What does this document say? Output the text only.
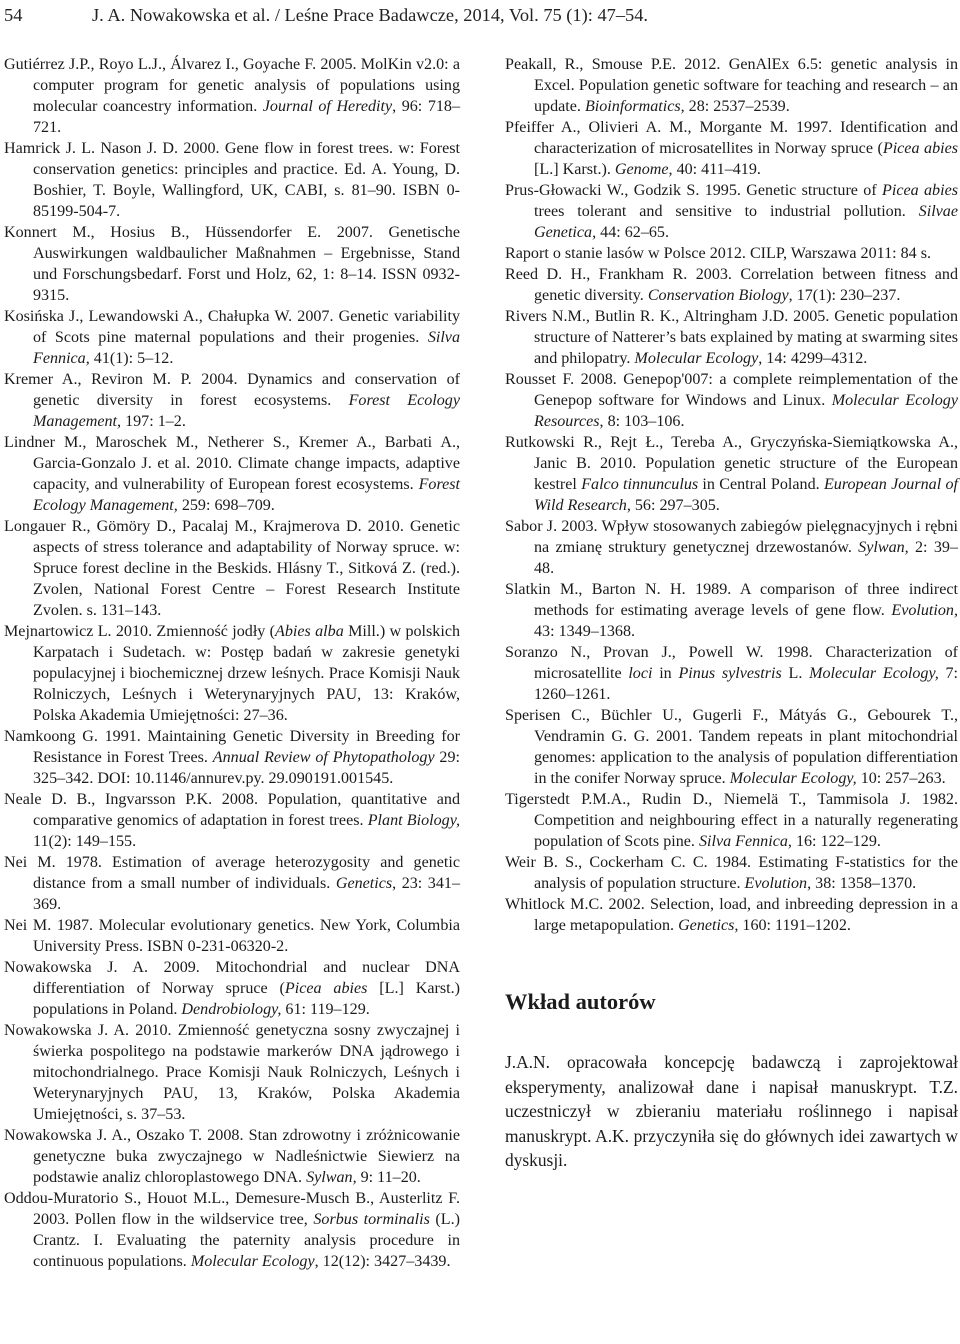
54	J. A. Nowakowska et al. / Leśne Prace Badawcze, 2014, Vol. 75 (1): 47–54.

Gutiérrez J.P., Royo L.J., Álvarez I., Goyache F. 2005. MolKin v2.0: a computer program for genetic analysis of populations using molecular coancestry information. Journal of Heredity, 96: 718–721.

Hamrick J. L. Nason J. D. 2000. Gene flow in forest trees. w: Forest conservation genetics: principles and practice. Ed. A. Young, D. Boshier, T. Boyle, Wallingford, UK, CABI, s. 81–90. ISBN 0-85199-504-7.

Konnert M., Hosius B., Hüssendorfer E. 2007. Genetische Auswirkungen waldbaulicher Maßnahmen – Ergebnisse, Stand und Forschungsbedarf. Forst und Holz, 62, 1: 8–14. ISSN 0932-9315.

Kosińska J., Lewandowski A., Chałupka W. 2007. Genetic variability of Scots pine maternal populations and their progenies. Silva Fennica, 41(1): 5–12.

Kremer A., Reviron M. P. 2004. Dynamics and conservation of genetic diversity in forest ecosystems. Forest Ecology Management, 197: 1–2.

Lindner M., Maroschek M., Netherer S., Kremer A., Barbati A., Garcia-Gonzalo J. et al. 2010. Climate change impacts, adaptive capacity, and vulnerability of European forest ecosystems. Forest Ecology Management, 259: 698–709.

Longauer R., Gömöry D., Pacalaj M., Krajmerova D. 2010. Genetic aspects of stress tolerance and adaptability of Norway spruce. w: Spruce forest decline in the Beskids. Hlásny T., Sitková Z. (red.). Zvolen, National Forest Centre – Forest Research Institute Zvolen. s. 131–143.

Mejnartowicz L. 2010. Zmienność jodły (Abies alba Mill.) w polskich Karpatach i Sudetach. w: Postęp badań w zakresie genetyki populacyjnej i biochemicznej drzew leśnych. Prace Komisji Nauk Rolniczych, Leśnych i Weterynaryjnych PAU, 13: Kraków, Polska Akademia Umiejętności: 27–36.

Namkoong G. 1991. Maintaining Genetic Diversity in Breeding for Resistance in Forest Trees. Annual Review of Phytopathology 29: 325–342. DOI: 10.1146/annurev.py. 29.090191.001545.

Neale D. B., Ingvarsson P.K. 2008. Population, quantitative and comparative genomics of adaptation in forest trees. Plant Biology, 11(2): 149–155.

Nei M. 1978. Estimation of average heterozygosity and genetic distance from a small number of individuals. Genetics, 23: 341–369.

Nei M. 1987. Molecular evolutionary genetics. New York, Columbia University Press. ISBN 0-231-06320-2.

Nowakowska J. A. 2009. Mitochondrial and nuclear DNA differentiation of Norway spruce (Picea abies [L.] Karst.) populations in Poland. Dendrobiology, 61: 119–129.

Nowakowska J. A. 2010. Zmienność genetyczna sosny zwyczajnej i świerka pospolitego na podstawie markerów DNA jądrowego i mitochondrialnego. Prace Komisji Nauk Rolniczych, Leśnych i Weterynaryjnych PAU, 13, Kraków, Polska Akademia Umiejętności, s. 37–53.

Nowakowska J. A., Oszako T. 2008. Stan zdrowotny i zróżnicowanie genetyczne buka zwyczajnego w Nadleśnictwie Siewierz na podstawie analiz chloroplastowego DNA. Sylwan, 9: 11–20.

Oddou-Muratorio S., Houot M.L., Demesure-Musch B., Austerlitz F. 2003. Pollen flow in the wildservice tree, Sorbus torminalis (L.) Crantz. I. Evaluating the paternity analysis procedure in continuous populations. Molecular Ecology, 12(12): 3427–3439.

Peakall, R., Smouse P.E. 2012. GenAlEx 6.5: genetic analysis in Excel. Population genetic software for teaching and research – an update. Bioinformatics, 28: 2537–2539.

Pfeiffer A., Olivieri A. M., Morgante M. 1997. Identification and characterization of microsatellites in Norway spruce (Picea abies [L.] Karst.). Genome, 40: 411–419.

Prus-Głowacki W., Godzik S. 1995. Genetic structure of Picea abies trees tolerant and sensitive to industrial pollution. Silvae Genetica, 44: 62–65.

Raport o stanie lasów w Polsce 2012. CILP, Warszawa 2011: 84 s.

Reed D. H., Frankham R. 2003. Correlation between fitness and genetic diversity. Conservation Biology, 17(1): 230–237.

Rivers N.M., Butlin R. K., Altringham J.D. 2005. Genetic population structure of Natterer’s bats explained by mating at swarming sites and philopatry. Molecular Ecology, 14: 4299–4312.

Rousset F. 2008. Genepop'007: a complete reimplementation of the Genepop software for Windows and Linux. Molecular Ecology Resources, 8: 103–106.

Rutkowski R., Rejt Ł., Tereba A., Gryczyńska-Siemiątkowska A., Janic B. 2010. Population genetic structure of the European kestrel Falco tinnunculus in Central Poland. European Journal of Wild Research, 56: 297–305.

Sabor J. 2003. Wpływ stosowanych zabiegów pielęgnacyjnych i rębni na zmianę struktury genetycznej drzewostanów. Sylwan, 2: 39–48.

Slatkin M., Barton N. H. 1989. A comparison of three indirect methods for estimating average levels of gene flow. Evolution, 43: 1349–1368.

Soranzo N., Provan J., Powell W. 1998. Characterization of microsatellite loci in Pinus sylvestris L. Molecular Ecology, 7: 1260–1261.

Sperisen C., Büchler U., Gugerli F., Mátyás G., Gebourek T., Vendramin G. G. 2001. Tandem repeats in plant mitochondrial genomes: application to the analysis of population differentiation in the conifer Norway spruce. Molecular Ecology, 10: 257–263.

Tigerstedt P.M.A., Rudin D., Niemelä T., Tammisola J. 1982. Competition and neighbouring effect in a naturally regenerating population of Scots pine. Silva Fennica, 16: 122–129.

Weir B. S., Cockerham C. C. 1984. Estimating F-statistics for the analysis of population structure. Evolution, 38: 1358–1370.

Whitlock M.C. 2002. Selection, load, and inbreeding depression in a large metapopulation. Genetics, 160: 1191–1202.

Wkład autorów

J.A.N. opracowała koncepcję badawczą i zaprojektował eksperymenty, analizował dane i napisał manuskrypt. T.Z. uczestniczył w zbieraniu materiału roślinnego i napisał manuskrypt. A.K. przyczyniła się do głównych idei zawartych w dyskusji.
